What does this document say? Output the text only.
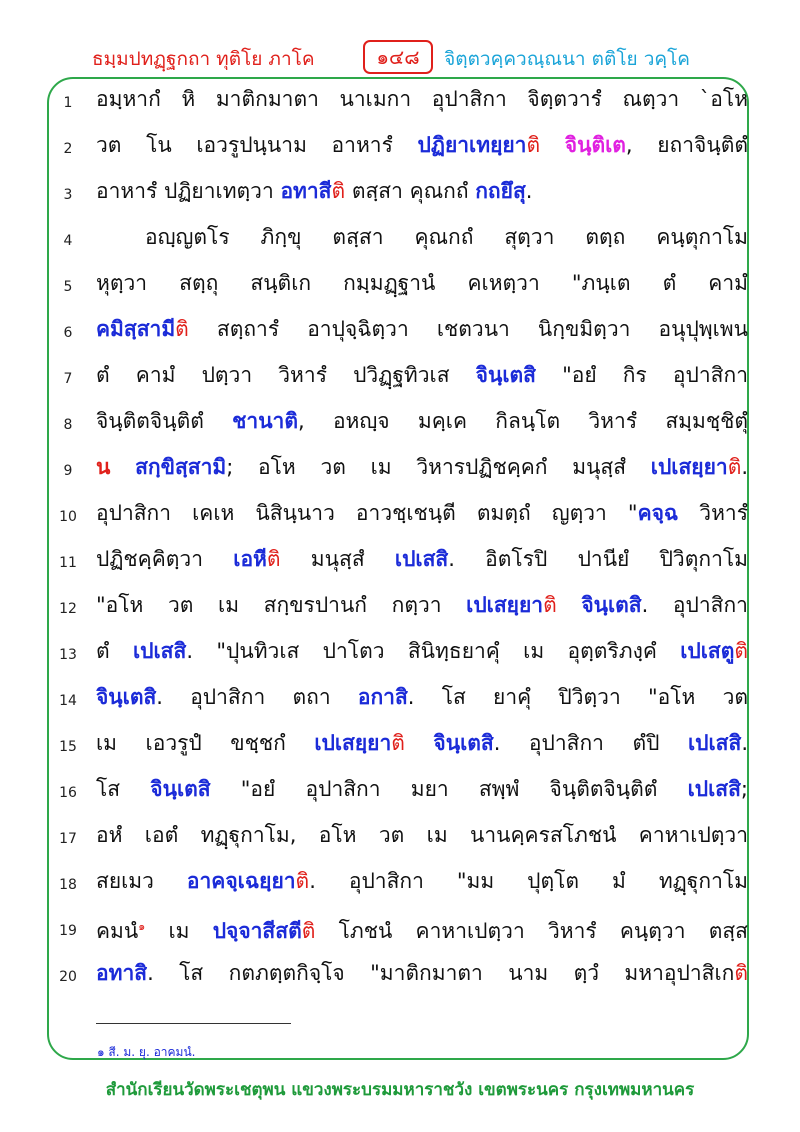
ธมฺมปทฏฺฐกถา ทุติโย ภาโค	๑๔๘	จิตฺตวคฺควณฺณนา ตติโย วคฺโค
1	อมฺหากํ หิ มาติกมาตา นาเมกา อุปาสิกา จิตฺตวารํ ณตฺวา `อโห
2	วต โน เอวรูปนฺนาม อาหารํ ปฏิยาเทยฺยาติ จินฺติเต, ยถาจินฺติตํ
3	อาหารํ ปฏิยาเทตฺวา อทาสีติ ตสฺสา คุณกถํ กถยึสุ.
4	อญฺญตโร ภิกฺขุ ตสฺสา คุณกถํ สุตฺวา ตตฺถ คนฺตุกาโม
5	หุตฺวา สตฺถุ สนฺติเก กมฺมฏฺฐานํ คเหตฺวา "ภนฺเต ตํ คามํ
6	คมิสฺสามีติ สตฺถารํ อาปุจฺฉิตฺวา เชตวนา นิกฺขมิตฺวา อนุปุพฺเพน
7	ตํ คามํ ปตฺวา วิหารํ ปวิฏฺฐทิวเส จินฺเตสิ "อยํ กิร อุปาสิกา
8	จินฺติตจินฺติตํ ชานาติ, อหญฺจ มคฺเค กิลนฺโต วิหารํ สมฺมชฺชิตุํ
9	น สกฺขิสฺสามิ; อโห วต เม วิหารปฏิชคฺคกํ มนุสฺสํ เปเสยฺยาติ.
10 อุปาสิกา เคเห นิสินฺนาว อาวชฺเชนฺตี ตมตฺถํ ญตฺวา "คจฺฉ วิหารํ
11 ปฏิชคฺคิตฺวา เอหีติ มนุสฺสํ เปเสสิ. อิตโรปิ ปานียํ ปิวิตุกาโม
12 "อโห วต เม สกฺขรปานกํ กตฺวา เปเสยฺยาติ จินฺเตสิ. อุปาสิกา
13 ตํ เปเสสิ. "ปุนทิวเส ปาโตว สินิทฺธยาคุํ เม อุตฺตริภงฺคํ เปเสตูติ
14 จินฺเตสิ. อุปาสิกา ตถา อกาสิ. โส ยาคุํ ปิวิตฺวา "อโห วต
15 เม เอวรูปํ ขชฺชกํ เปเสยฺยาติ จินฺเตสิ. อุปาสิกา ตํปิ เปเสสิ.
16 โส จินฺเตสิ "อยํ อุปาสิกา มยา สพฺพํ จินฺติตจินฺติตํ เปเสสิ;
17 อหํ เอตํ ทฏฺฐุกาโม, อโห วต เม นานคฺครสโภชนํ คาหาเปตฺวา
18 สยเมว อาคจฺเฉยฺยาติ. อุปาสิกา "มม ปุตฺโต มํ ทฏฺฐุกาโม
19 คมนํ$^๑$ เม ปจฺจาสีสตีติ โภชนํ คาหาเปตฺวา วิหารํ คนฺตฺวา ตสฺส
20 อทาสิ. โส กตภตฺตกิจฺโจ "มาติกมาตา นาม ตฺวํ มหาอุปาสิเกติ
๑ สี. ม. ยุ. อาคมนํ.
สำนักเรียนวัดพระเชตุพน แขวงพระบรมมหาราชวัง เขตพระนคร กรุงเทพมหานคร
